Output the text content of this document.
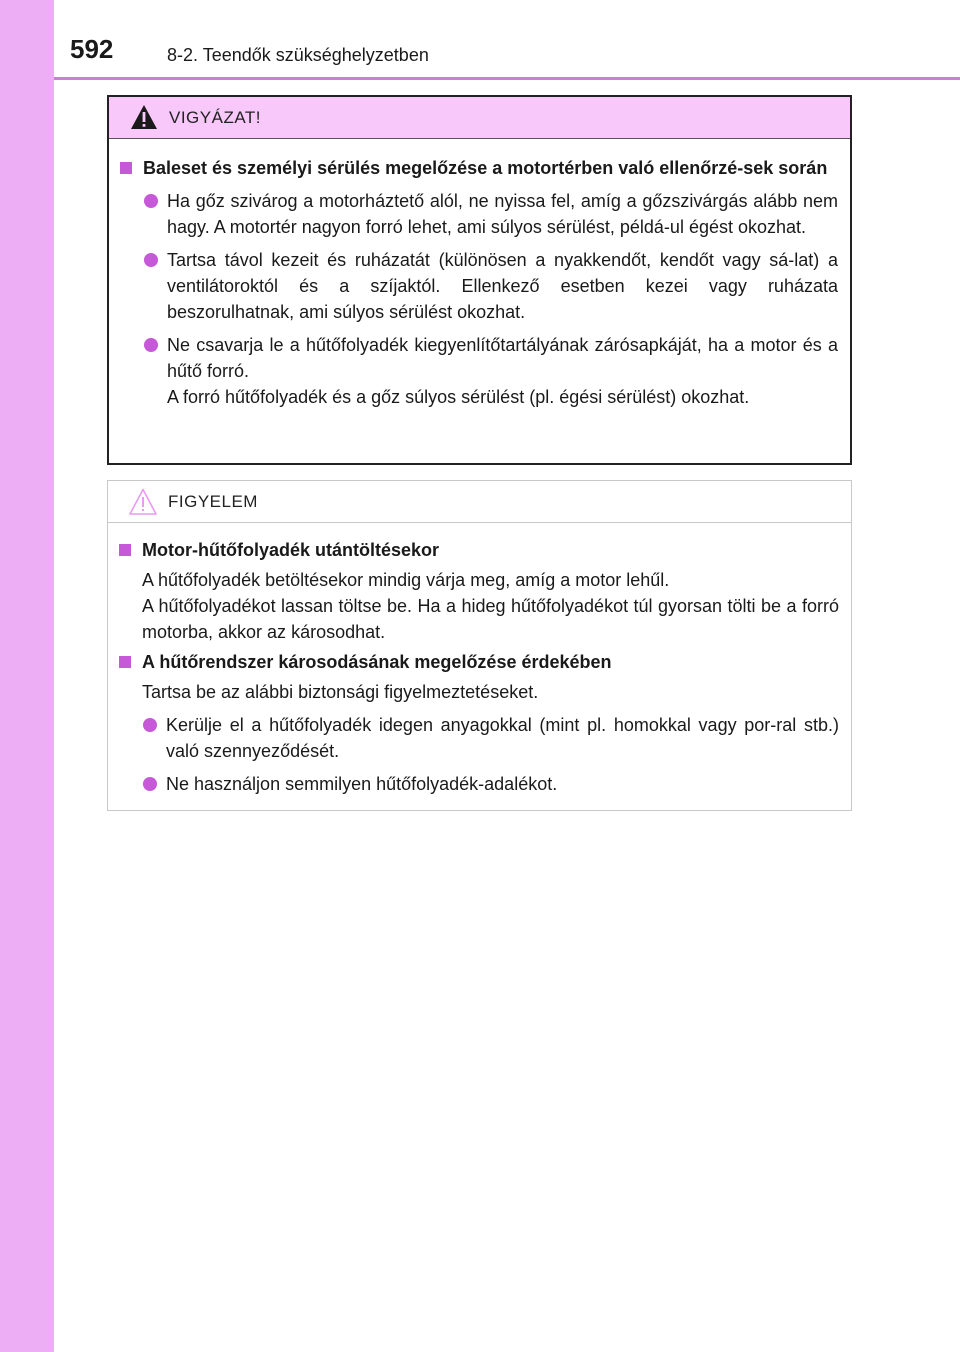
592	8-2. Teendők szükséghelyzetben
VIGYÁZAT!
Baleset és személyi sérülés megelőzése a motortérben való ellenőrzé-sek során
Ha gőz szivárog a motorháztető alól, ne nyissa fel, amíg a gőzszivárgás alább nem hagy. A motortér nagyon forró lehet, ami súlyos sérülést, példá-ul égést okozhat.
Tartsa távol kezeit és ruházatát (különösen a nyakkendőt, kendőt vagy sá-lat) a ventilátoroktól és a szíjaktól. Ellenkező esetben kezei vagy ruházata beszorulhatnak, ami súlyos sérülést okozhat.
Ne csavarja le a hűtőfolyadék kiegyenlítőtartályának zárósapkáját, ha a motor és a hűtő forró.
A forró hűtőfolyadék és a gőz súlyos sérülést (pl. égési sérülést) okozhat.
FIGYELEM
Motor-hűtőfolyadék utántöltésekor
A hűtőfolyadék betöltésekor mindig várja meg, amíg a motor lehűl.
A hűtőfolyadékot lassan töltse be. Ha a hideg hűtőfolyadékot túl gyorsan tölti be a forró motorba, akkor az károsodhat.
A hűtőrendszer károsodásának megelőzése érdekében
Tartsa be az alábbi biztonsági figyelmeztetéseket.
Kerülje el a hűtőfolyadék idegen anyagokkal (mint pl. homokkal vagy por-ral stb.) való szennyeződését.
Ne használjon semmilyen hűtőfolyadék-adalékot.
